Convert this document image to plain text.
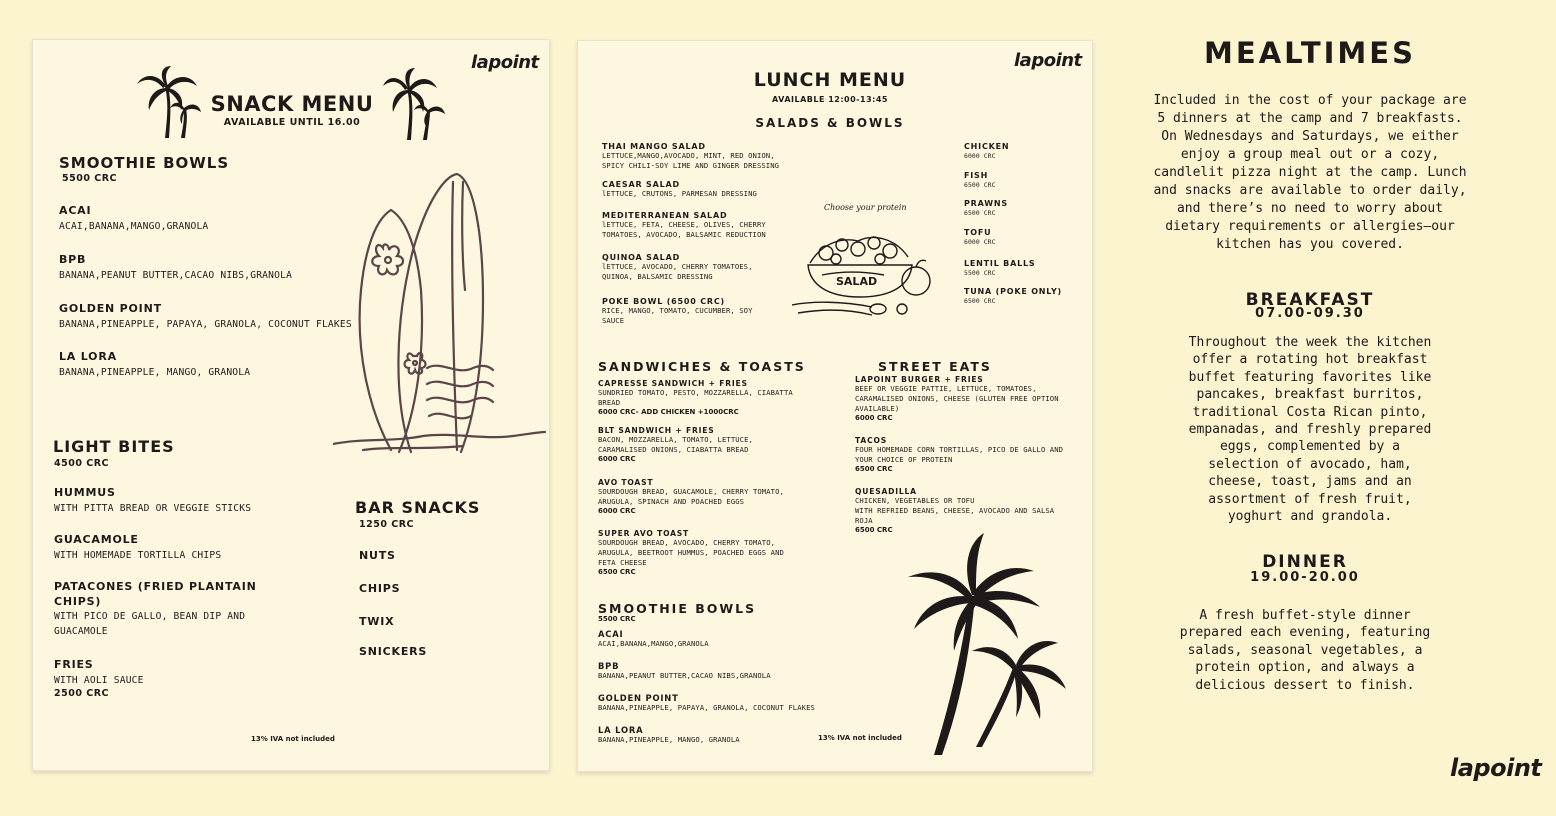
lapoint
SNACK MENU
AVAILABLE UNTIL 16.00
SMOOTHIE BOWLS
5500 CRC
ACAI
ACAI,BANANA,MANGO,GRANOLA
BPB
BANANA,PEANUT BUTTER,CACAO NIBS,GRANOLA
GOLDEN POINT
BANANA,PINEAPPLE, PAPAYA, GRANOLA, COCONUT FLAKES
LA LORA
BANANA,PINEAPPLE, MANGO, GRANOLA
LIGHT BITES
4500 CRC
HUMMUS
WITH PITTA BREAD OR VEGGIE STICKS
GUACAMOLE
WITH HOMEMADE TORTILLA CHIPS
PATACONES (FRIED PLANTAIN
CHIPS)
WITH PICO DE GALLO, BEAN DIP AND
GUACAMOLE
FRIES
WITH AOLI SAUCE
2500 CRC
BAR SNACKS
1250 CRC
NUTS
CHIPS
TWIX
SNICKERS
13% IVA not included
lapoint
LUNCH MENU
AVAILABLE 12:00-13:45
SALADS & BOWLS
THAI MANGO SALAD
LETTUCE,MANGO,AVOCADO, MINT, RED ONION,
SPICY CHILI-SOY LIME AND GINGER DRESSING
CAESAR SALAD
lETTUCE, CRUTONS, PARMESAN DRESSING
MEDITERRANEAN SALAD
lETTUCE, FETA, CHEESE, OLIVES, CHERRY
TOMATOES, AVOCADO, BALSAMIC REDUCTION
QUINOA SALAD
lETTUCE, AVOCADO, CHERRY TOMATOES,
QUINOA, BALSAMIC DRESSING
POKE BOWL (6500 CRC)
RICE, MANGO, TOMATO, CUCUMBER, SOY
SAUCE
Choose your protein
SALAD
CHICKEN
6000 CRC
FISH
6500 CRC
PRAWNS
6500 CRC
TOFU
6000 CRC
LENTIL BALLS
5500 CRC
TUNA (POKE ONLY)
6500 CRC
SANDWICHES & TOASTS
CAPRESSE SANDWICH + FRIES
SUNDRIED TOMATO, PESTO, MOZZARELLA, CIABATTA
BREAD
6000 CRC- ADD CHICKEN +1000CRC
BLT SANDWICH + FRIES
BACON, MOZZARELLA, TOMATO, LETTUCE,
CARAMALISED ONIONS, CIABATTA BREAD
6000 CRC
AVO TOAST
SOURDOUGH BREAD, GUACAMOLE, CHERRY TOMATO,
ARUGULA, SPINACH AND POACHED EGGS
6000 CRC
SUPER AVO TOAST
SOURDOUGH BREAD, AVOCADO, CHERRY TOMATO,
ARUGULA, BEETROOT HUMMUS, POACHED EGGS AND
FETA CHEESE
6500 CRC
STREET EATS
LAPOINT BURGER + FRIES
BEEF OR VEGGIE PATTIE, LETTUCE, TOMATOES,
CARAMALISED ONIONS, CHEESE (GLUTEN FREE OPTION
AVAILABLE)
6000 CRC
TACOS
FOUR HOMEMADE CORN TORTILLAS, PICO DE GALLO AND
YOUR CHOICE OF PROTEIN
6500 CRC
QUESADILLA
CHICKEN, VEGETABLES OR TOFU
WITH REFRIED BEANS, CHEESE, AVOCADO AND SALSA
ROJA
6500 CRC
SMOOTHIE BOWLS
5500 CRC
ACAI
ACAI,BANANA,MANGO,GRANOLA
BPB
BANANA,PEANUT BUTTER,CACAO NIBS,GRANOLA
GOLDEN POINT
BANANA,PINEAPPLE, PAPAYA, GRANOLA, COCONUT FLAKES
LA LORA
BANANA,PINEAPPLE, MANGO, GRANOLA	13% IVA not included
MEALTIMES
Included in the cost of your package are
5 dinners at the camp and 7 breakfasts.
On Wednesdays and Saturdays, we either
enjoy a group meal out or a cozy,
candlelit pizza night at the camp. Lunch
and snacks are available to order daily,
and there’s no need to worry about
dietary requirements or allergies—our
kitchen has you covered.
BREAKFAST
07.00-09.30
Throughout the week the kitchen
offer a rotating hot breakfast
buffet featuring favorites like
pancakes, breakfast burritos,
traditional Costa Rican pinto,
empanadas, and freshly prepared
eggs, complemented by a
selection of avocado, ham,
cheese, toast, jams and an
assortment of fresh fruit,
yoghurt and grandola.
DINNER
19.00-20.00
A fresh buffet-style dinner
prepared each evening, featuring
salads, seasonal vegetables, a
protein option, and always a
delicious dessert to finish.
lapoint
